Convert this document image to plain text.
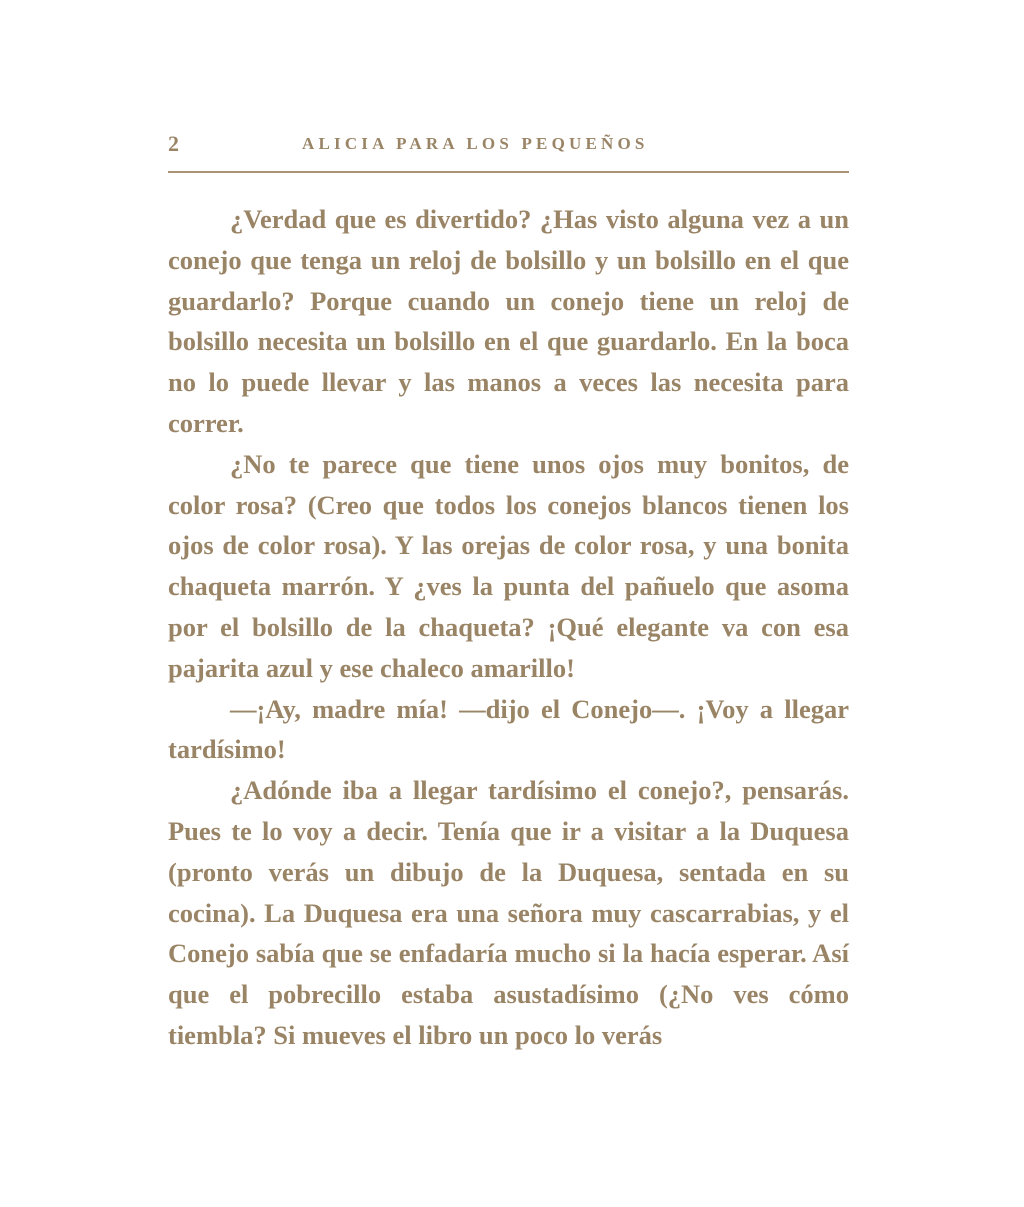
2	ALICIA PARA LOS PEQUEÑOS

¿Verdad que es divertido? ¿Has visto alguna vez a un conejo que tenga un reloj de bolsillo y un bolsillo en el que guardarlo? Porque cuando un conejo tiene un reloj de bolsillo necesita un bolsillo en el que guardarlo. En la boca no lo puede llevar y las manos a veces las necesita para correr.

¿No te parece que tiene unos ojos muy bonitos, de color rosa? (Creo que todos los conejos blancos tienen los ojos de color rosa). Y las orejas de color rosa, y una bonita chaqueta marrón. Y ¿ves la punta del pañuelo que asoma por el bolsillo de la chaqueta? ¡Qué elegante va con esa pajarita azul y ese chaleco amarillo!

—¡Ay, madre mía! —dijo el Conejo—. ¡Voy a llegar tardísimo!

¿Adónde iba a llegar tardísimo el conejo?, pensarás. Pues te lo voy a decir. Tenía que ir a visitar a la Duquesa (pronto verás un dibujo de la Duquesa, sentada en su cocina). La Duquesa era una señora muy cascarrabias, y el Conejo sabía que se enfadaría mucho si la hacía esperar. Así que el pobrecillo estaba asustadísimo (¿No ves cómo tiembla? Si mueves el libro un poco lo verás
